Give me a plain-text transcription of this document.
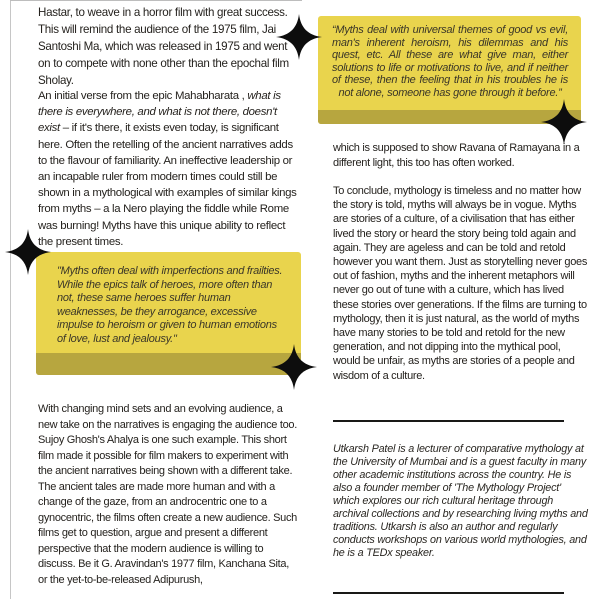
Hastar, to weave in a horror film with great success. This will remind the audience of the 1975 film, Jai Santoshi Ma, which was released in 1975 and went on to compete with none other than the epochal film Sholay.

An initial verse from the epic Mahabharata , what is there is everywhere, and what is not there, doesn't exist – if it's there, it exists even today, is significant here. Often the retelling of the ancient narratives adds to the flavour of familiarity. An ineffective leadership or an incapable ruler from modern times could still be shown in a mythological with examples of similar kings from myths – a la Nero playing the fiddle while Rome was burning! Myths have this unique ability to reflect the present times.

"Myths often deal with imperfections and frailties. While the epics talk of heroes, more often than not, these same heroes suffer human weaknesses, be they arrogance, excessive impulse to heroism or given to human emotions of love, lust and jealousy."

With changing mind sets and an evolving audience, a new take on the narratives is engaging the audience too. Sujoy Ghosh's Ahalya is one such example. This short film made it possible for film makers to experiment with the ancient narratives being shown with a different take. The ancient tales are made more human and with a change of the gaze, from an androcentric one to a gynocentric, the films often create a new audience. Such films get to question, argue and present a different perspective that the modern audience is willing to discuss. Be it G. Aravindan's 1977 film, Kanchana Sita, or the yet-to-be-released Adipurush,

“Myths deal with universal themes of good vs evil, man's inherent heroism, his dilemmas and his quest, etc. All these are what give man, either solutions to life or motivations to live, and if neither of these, then the feeling that in his troubles he is not alone, someone has gone through it before.”

which is supposed to show Ravana of Ramayana in a different light, this too has often worked.

To conclude, mythology is timeless and no matter how the story is told, myths will always be in vogue. Myths are stories of a culture, of a civilisation that has either lived the story or heard the story being told again and again. They are ageless and can be told and retold however you want them. Just as storytelling never goes out of fashion, myths and the inherent metaphors will never go out of tune with a culture, which has lived these stories over generations. If the films are turning to mythology, then it is just natural, as the world of myths have many stories to be told and retold for the new generation, and not dipping into the mythical pool, would be unfair, as myths are stories of a people and wisdom of a culture.

Utkarsh Patel is a lecturer of comparative mythology at the University of Mumbai and is a guest faculty in many other academic institutions across the country. He is also a founder member of 'The Mythology Project' which explores our rich cultural heritage through archival collections and by researching living myths and traditions. Utkarsh is also an author and regularly conducts workshops on various world mythologies, and he is a TEDx speaker.
